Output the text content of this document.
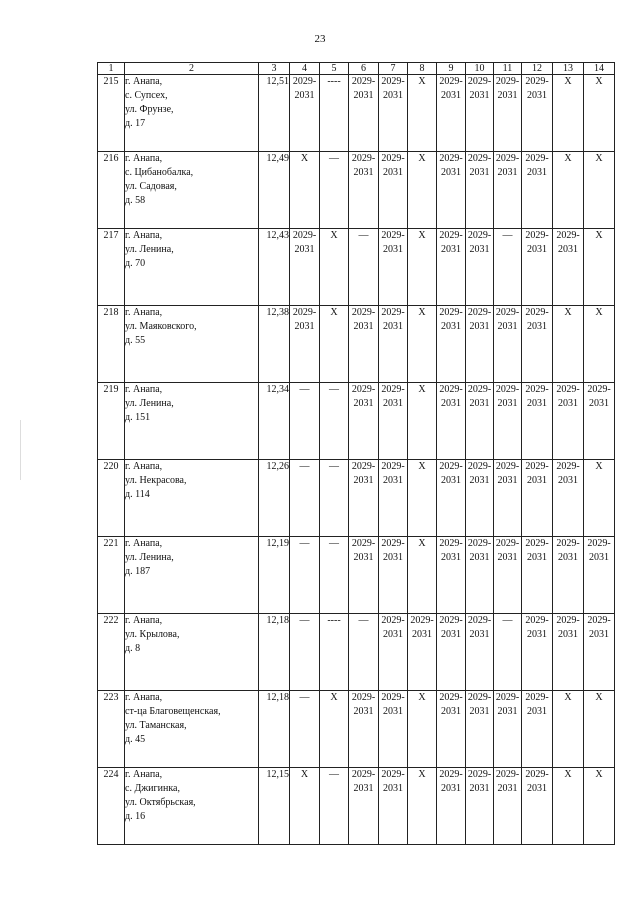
23
1	2	3	4	5	6	7	8	9	10	11	12	13	14
215	г. Анапа,
с. Супсех,
ул. Фрунзе,
д. 17	12,51	2029-2031	----	2029-2031	2029-2031	X	2029-2031	2029-2031	2029-2031	2029-2031	X	X
216	г. Анапа,
с. Цибанобалка,
ул. Садовая,
д. 58	12,49	X	—	2029-2031	2029-2031	X	2029-2031	2029-2031	2029-2031	2029-2031	X	X
217	г. Анапа,
ул. Ленина,
д. 70	12,43	2029-2031	X	—	2029-2031	X	2029-2031	2029-2031	—	2029-2031	2029-2031	X
218	г. Анапа,
ул. Маяковского,
д. 55	12,38	2029-2031	X	2029-2031	2029-2031	X	2029-2031	2029-2031	2029-2031	2029-2031	X	X
219	г. Анапа,
ул. Ленина,
д. 151	12,34	—	—	2029-2031	2029-2031	X	2029-2031	2029-2031	2029-2031	2029-2031	2029-2031	2029-2031
220	г. Анапа,
ул. Некрасова,
д. 114	12,26	—	—	2029-2031	2029-2031	X	2029-2031	2029-2031	2029-2031	2029-2031	2029-2031	X
221	г. Анапа,
ул. Ленина,
д. 187	12,19	—	—	2029-2031	2029-2031	X	2029-2031	2029-2031	2029-2031	2029-2031	2029-2031	2029-2031
222	г. Анапа,
ул. Крылова,
д. 8	12,18	—	----	—	2029-2031	2029-2031	2029-2031	2029-2031	—	2029-2031	2029-2031	2029-2031
223	г. Анапа,
ст-ца Благовещенская,
ул. Таманская,
д. 45	12,18	—	X	2029-2031	2029-2031	X	2029-2031	2029-2031	2029-2031	2029-2031	X	X
224	г. Анапа,
с. Джигинка,
ул. Октябрьская,
д. 16	12,15	X	—	2029-2031	2029-2031	X	2029-2031	2029-2031	2029-2031	2029-2031	X	X
